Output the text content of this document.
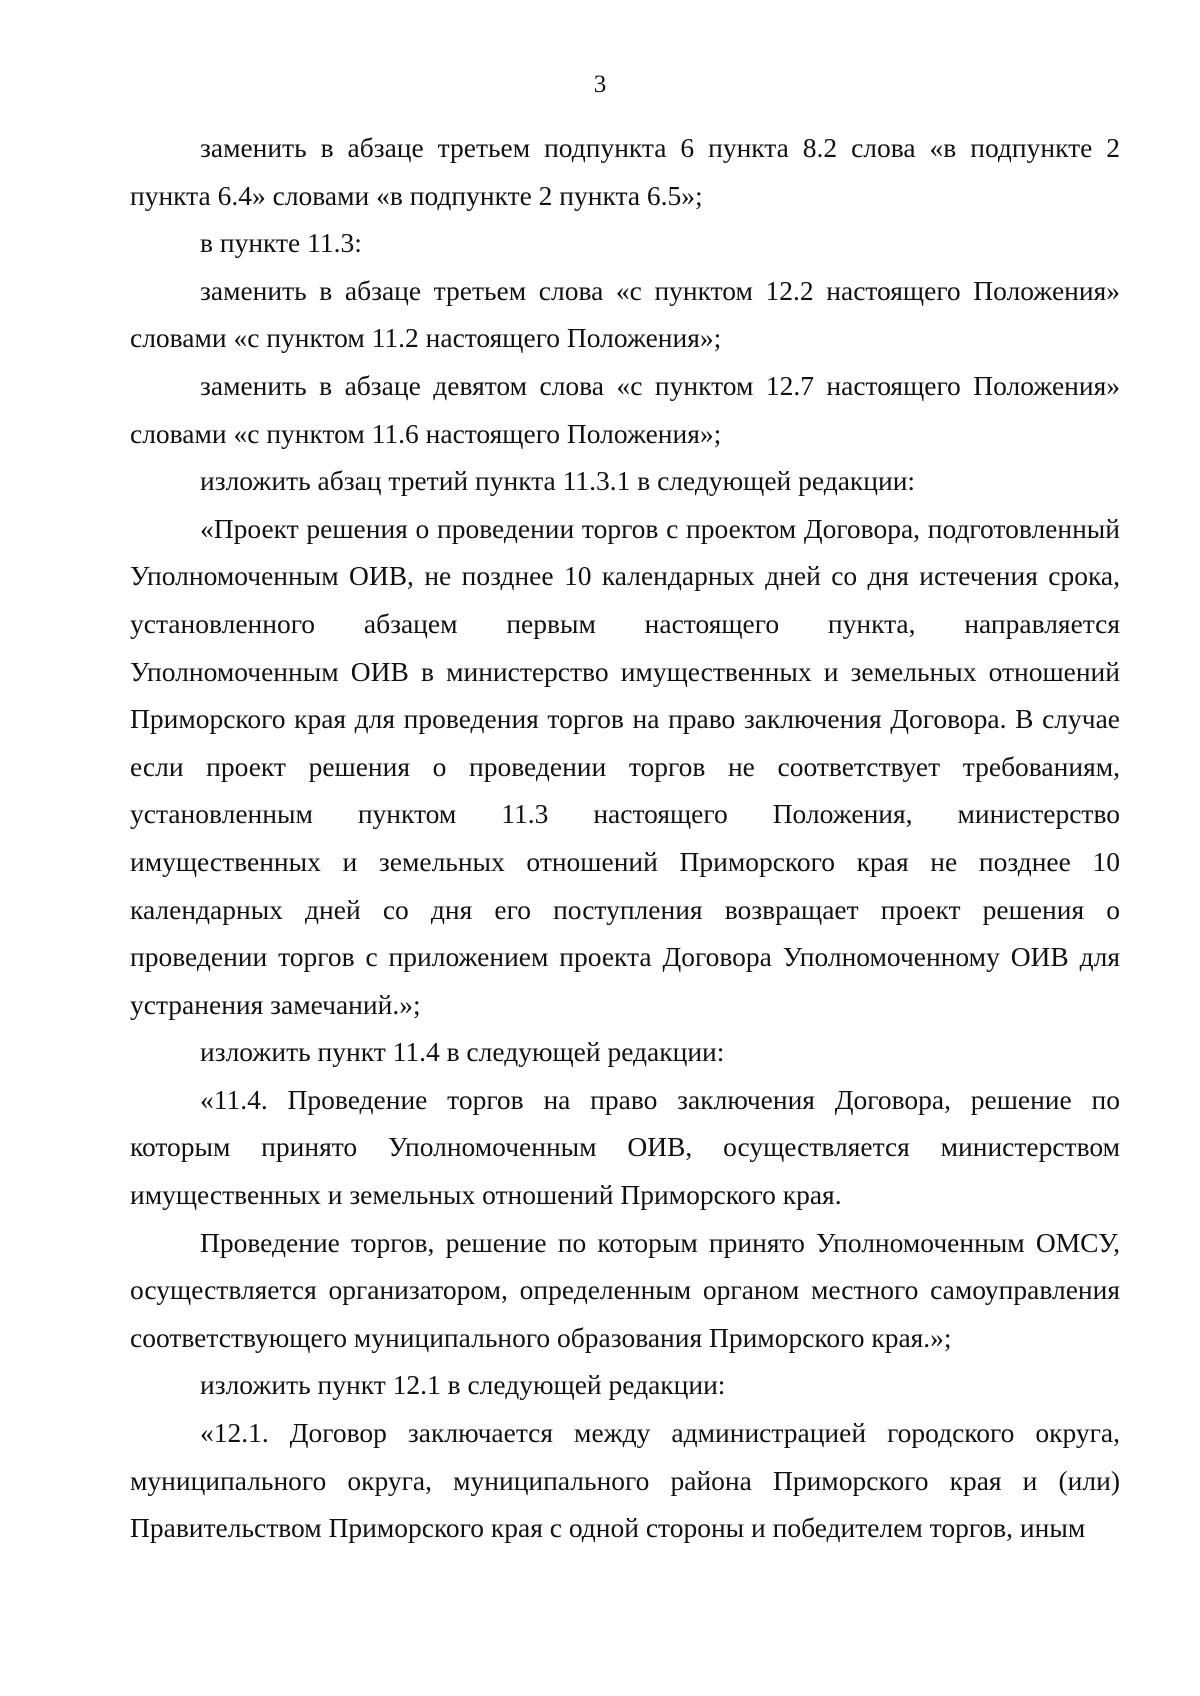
3

заменить в абзаце третьем подпункта 6 пункта 8.2 слова «в подпункте 2 пункта 6.4» словами «в подпункте 2 пункта 6.5»;

в пункте 11.3:

заменить в абзаце третьем слова «с пунктом 12.2 настоящего Положения» словами «с пунктом 11.2 настоящего Положения»;

заменить в абзаце девятом слова «с пунктом 12.7 настоящего Положения» словами «с пунктом 11.6 настоящего Положения»;

изложить абзац третий пункта 11.3.1 в следующей редакции:

«Проект решения о проведении торгов с проектом Договора, подготовленный Уполномоченным ОИВ, не позднее 10 календарных дней со дня истечения срока, установленного абзацем первым настоящего пункта, направляется Уполномоченным ОИВ в министерство имущественных и земельных отношений Приморского края для проведения торгов на право заключения Договора. В случае если проект решения о проведении торгов не соответствует требованиям, установленным пунктом 11.3 настоящего Положения, министерство имущественных и земельных отношений Приморского края не позднее 10 календарных дней со дня его поступления возвращает проект решения о проведении торгов с приложением проекта Договора Уполномоченному ОИВ для устранения замечаний.»;

изложить пункт 11.4 в следующей редакции:

«11.4. Проведение торгов на право заключения Договора, решение по которым принято Уполномоченным ОИВ, осуществляется министерством имущественных и земельных отношений Приморского края.

Проведение торгов, решение по которым принято Уполномоченным ОМСУ, осуществляется организатором, определенным органом местного самоуправления соответствующего муниципального образования Приморского края.»;

изложить пункт 12.1 в следующей редакции:

«12.1. Договор заключается между администрацией городского округа, муниципального округа, муниципального района Приморского края и (или) Правительством Приморского края с одной стороны и победителем торгов, иным
